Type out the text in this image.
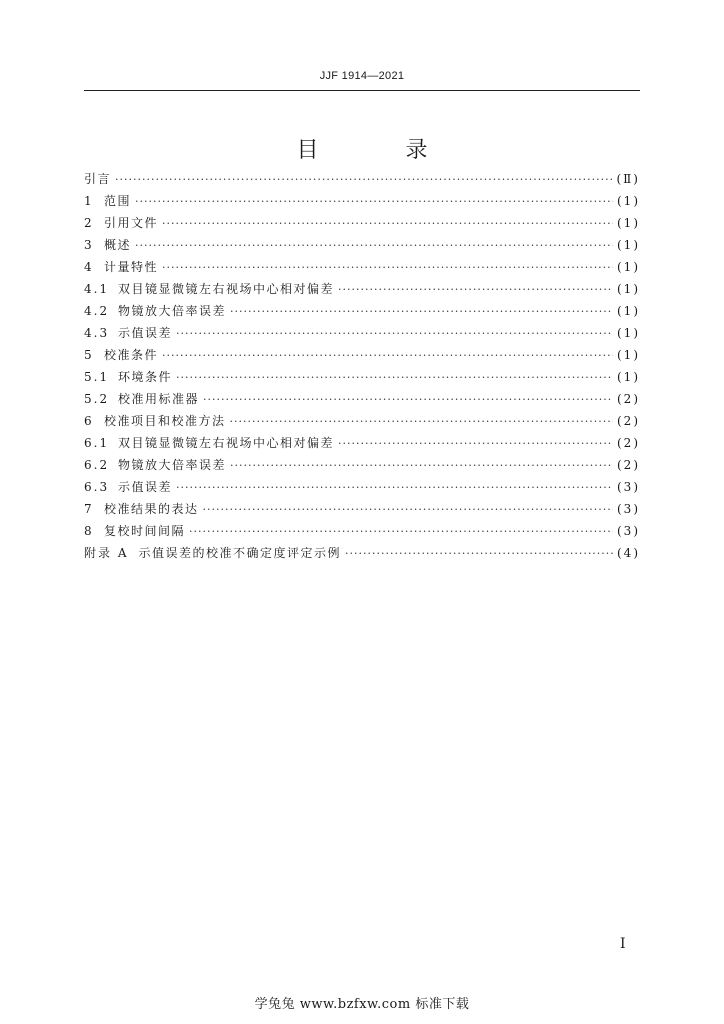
JJF 1914—2021
目 录
引言 ·····	(Ⅱ)
1 范围 ·····	(1)
2 引用文件 ·····	(1)
3 概述 ·····	(1)
4 计量特性 ·····	(1)
4.1 双目镜显微镜左右视场中心相对偏差 ·····	(1)
4.2 物镜放大倍率误差 ·····	(1)
4.3 示值误差 ·····	(1)
5 校准条件 ·····	(1)
5.1 环境条件 ·····	(1)
5.2 校准用标准器 ·····	(2)
6 校准项目和校准方法 ·····	(2)
6.1 双目镜显微镜左右视场中心相对偏差 ·····	(2)
6.2 物镜放大倍率误差 ·····	(2)
6.3 示值误差 ·····	(3)
7 校准结果的表达 ·····	(3)
8 复校时间间隔 ·····	(3)
附录 A 示值误差的校准不确定度评定示例 ·····	(4)
I
学兔兔 www.bzfxw.com 标准下载
